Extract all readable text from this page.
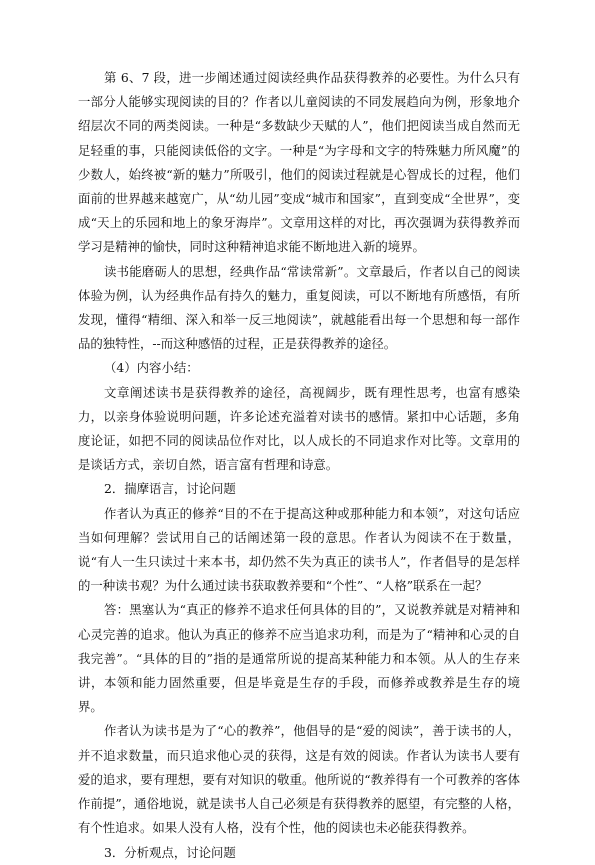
第 6、7 段，进一步阐述通过阅读经典作品获得教养的必要性。为什么只有一部分人能够实现阅读的目的？作者以儿童阅读的不同发展趋向为例，形象地介绍层次不同的两类阅读。一种是“多数缺少天赋的人”，他们把阅读当成自然而无足轻重的事，只能阅读低俗的文字。一种是“为字母和文字的特殊魅力所风魔”的少数人，始终被“新的魅力”所吸引，他们的阅读过程就是心智成长的过程，他们面前的世界越来越宽广，从“幼儿园”变成“城市和国家”，直到变成“全世界”，变成“天上的乐园和地上的象牙海岸”。文章用这样的对比，再次强调为获得教养而学习是精神的愉快，同时这种精神追求能不断地进入新的境界。

读书能磨砺人的思想，经典作品“常读常新”。文章最后，作者以自己的阅读体验为例，认为经典作品有持久的魅力，重复阅读，可以不断地有所感悟，有所发现，懂得“精细、深入和举一反三地阅读”，就越能看出每一个思想和每一部作品的独特性，--而这种感悟的过程，正是获得教养的途径。

（4）内容小结：

文章阐述读书是获得教养的途径，高视阔步，既有理性思考，也富有感染力，以亲身体验说明问题，许多论述充溢着对读书的感情。紧扣中心话题，多角度论证，如把不同的阅读品位作对比，以人成长的不同追求作对比等。文章用的是谈话方式，亲切自然，语言富有哲理和诗意。

2．揣摩语言，讨论问题

作者认为真正的修养“目的不在于提高这种或那种能力和本领”，对这句话应当如何理解？尝试用自己的话阐述第一段的意思。作者认为阅读不在于数量，说“有人一生只读过十来本书，却仍然不失为真正的读书人”，作者倡导的是怎样的一种读书观？为什么通过读书获取教养要和“个性”、“人格”联系在一起？

答：黑塞认为“真正的修养不追求任何具体的目的”，又说教养就是对精神和心灵完善的追求。他认为真正的修养不应当追求功利，而是为了“精神和心灵的自我完善”。“具体的目的”指的是通常所说的提高某种能力和本领。从人的生存来讲，本领和能力固然重要，但是毕竟是生存的手段，而修养或教养是生存的境界。

作者认为读书是为了“心的教养”，他倡导的是“爱的阅读”，善于读书的人，并不追求数量，而只追求他心灵的获得，这是有效的阅读。作者认为读书人要有爱的追求，要有理想，要有对知识的敬重。他所说的“教养得有一个可教养的客体作前提”，通俗地说，就是读书人自己必须是有获得教养的愿望，有完整的人格，有个性追求。如果人没有人格，没有个性，他的阅读也未必能获得教养。

3．分析观点，讨论问题
